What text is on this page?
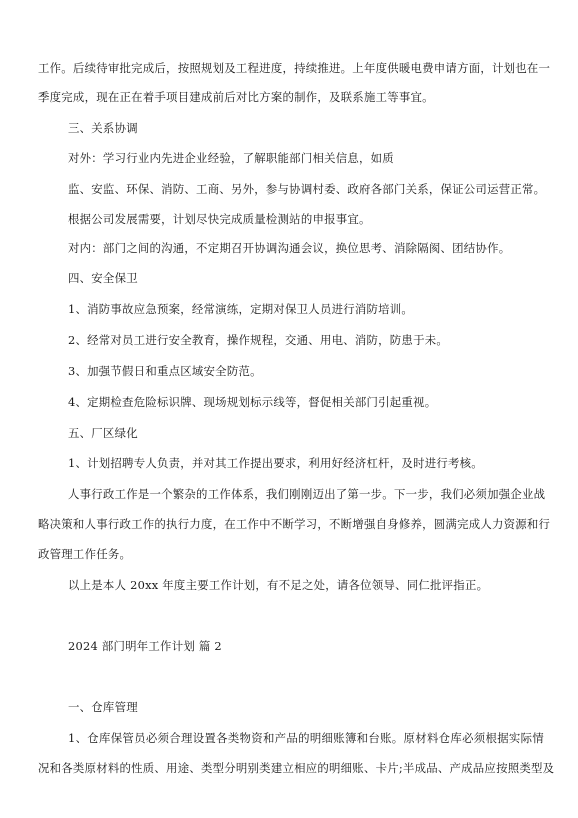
工作。后续待审批完成后，按照规划及工程进度，持续推进。上年度供暖电费申请方面，计划也在一
季度完成，现在正在着手项目建成前后对比方案的制作，及联系施工等事宜。
三、关系协调
对外：学习行业内先进企业经验，了解职能部门相关信息，如质
监、安监、环保、消防、工商、另外，参与协调村委、政府各部门关系，保证公司运营正常。
根据公司发展需要，计划尽快完成质量检测站的申报事宜。
对内：部门之间的沟通，不定期召开协调沟通会议，换位思考、消除隔阂、团结协作。
四、安全保卫
1、消防事故应急预案，经常演练，定期对保卫人员进行消防培训。
2、经常对员工进行安全教育，操作规程，交通、用电、消防，防患于未。
3、加强节假日和重点区域安全防范。
4、定期检查危险标识牌、现场规划标示线等，督促相关部门引起重视。
五、厂区绿化
1、计划招聘专人负责，并对其工作提出要求，利用好经济杠杆，及时进行考核。
人事行政工作是一个繁杂的工作体系，我们刚刚迈出了第一步。下一步，我们必须加强企业战
略决策和人事行政工作的执行力度，在工作中不断学习，不断增强自身修养，圆满完成人力资源和行
政管理工作任务。
以上是本人 20xx 年度主要工作计划，有不足之处，请各位领导、同仁批评指正。
2024 部门明年工作计划 篇 2
一、仓库管理
1、仓库保管员必须合理设置各类物资和产品的明细账簿和台账。原材料仓库必须根据实际情
况和各类原材料的性质、用途、类型分明别类建立相应的明细账、卡片;半成品、产成品应按照类型及
